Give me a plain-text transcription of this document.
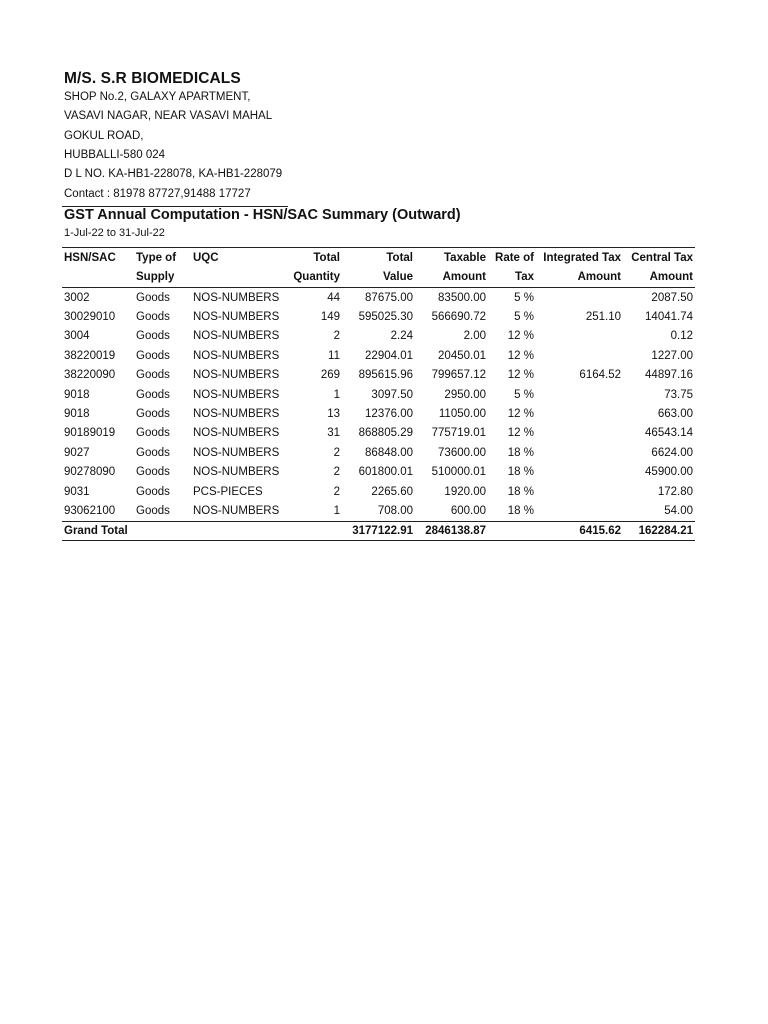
M/S. S.R BIOMEDICALS
SHOP No.2, GALAXY APARTMENT,
VASAVI NAGAR, NEAR VASAVI MAHAL
GOKUL ROAD,
HUBBALLI-580 024
D L NO. KA-HB1-228078, KA-HB1-228079
Contact : 81978 87727,91488 17727
GST Annual Computation - HSN/SAC Summary (Outward)
1-Jul-22 to 31-Jul-22
HSN/SAC	Type of	UQC	Total	Total	Taxable	Rate of	Integrated Tax	Central Tax
	Supply		Quantity	Value	Amount	Tax	Amount	Amount
3002	Goods	NOS-NUMBERS	44	87675.00	83500.00	5 %		2087.50
30029010	Goods	NOS-NUMBERS	149	595025.30	566690.72	5 %	251.10	14041.74
3004	Goods	NOS-NUMBERS	2	2.24	2.00	12 %		0.12
38220019	Goods	NOS-NUMBERS	11	22904.01	20450.01	12 %		1227.00
38220090	Goods	NOS-NUMBERS	269	895615.96	799657.12	12 %	6164.52	44897.16
9018	Goods	NOS-NUMBERS	1	3097.50	2950.00	5 %		73.75
9018	Goods	NOS-NUMBERS	13	12376.00	11050.00	12 %		663.00
90189019	Goods	NOS-NUMBERS	31	868805.29	775719.01	12 %		46543.14
9027	Goods	NOS-NUMBERS	2	86848.00	73600.00	18 %		6624.00
90278090	Goods	NOS-NUMBERS	2	601800.01	510000.01	18 %		45900.00
9031	Goods	PCS-PIECES	2	2265.60	1920.00	18 %		172.80
93062100	Goods	NOS-NUMBERS	1	708.00	600.00	18 %		54.00
Grand Total				3177122.91	2846138.87		6415.62	162284.21
